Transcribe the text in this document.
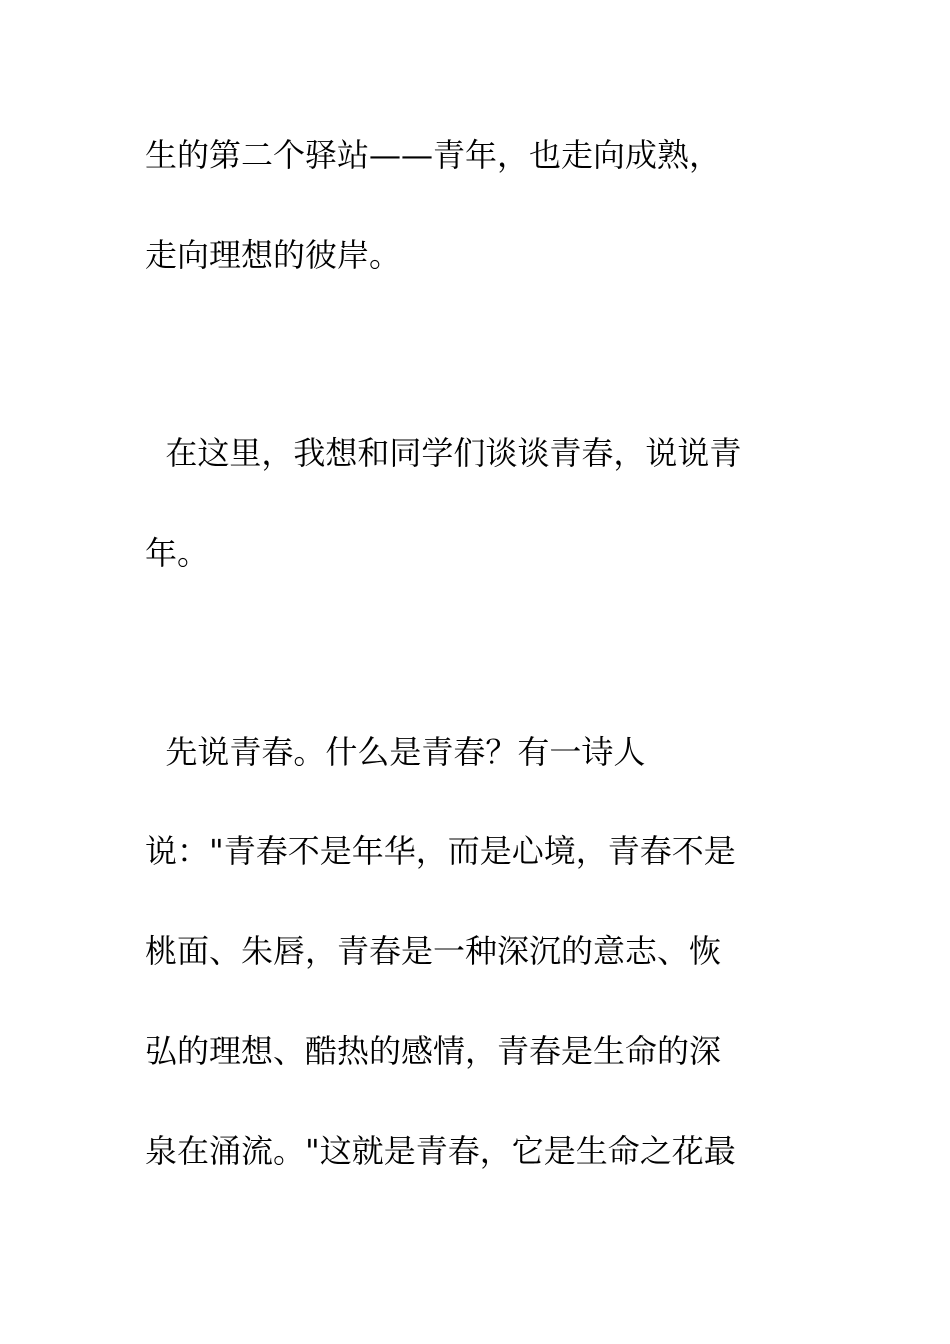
生的第二个驿站——青年，也走向成熟，
走向理想的彼岸。
在这里，我想和同学们谈谈青春，说说青
年。
先说青春。什么是青春？有一诗人
说："青春不是年华，而是心境，青春不是
桃面、朱唇，青春是一种深沉的意志、恢
弘的理想、酷热的感情，青春是生命的深
泉在涌流。"这就是青春，它是生命之花最
